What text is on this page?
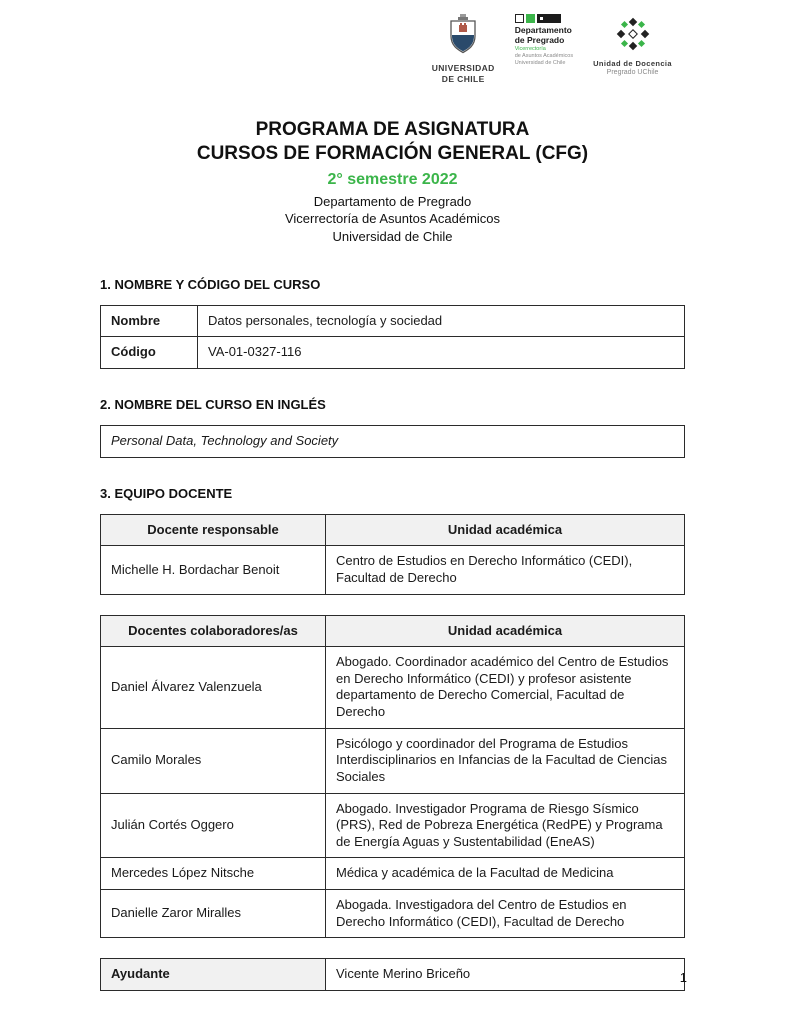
UNIVERSIDAD
DE CHILE
Departamento
de Pregrado
Vicerrectoría
de Asuntos Académicos
Universidad de Chile	Unidad de Docencia
Pregrado UChile
PROGRAMA DE ASIGNATURA
CURSOS DE FORMACIÓN GENERAL (CFG)
2° semestre 2022
Departamento de Pregrado
Vicerrectoría de Asuntos Académicos
Universidad de Chile
1. NOMBRE Y CÓDIGO DEL CURSO
Nombre	Datos personales, tecnología y sociedad
Código	VA-01-0327-116
2. NOMBRE DEL CURSO EN INGLÉS
Personal Data, Technology and Society
3. EQUIPO DOCENTE
Docente responsable	Unidad académica
Michelle H. Bordachar Benoit	Centro de Estudios en Derecho Informático (CEDI), Facultad de Derecho
Docentes colaboradores/as	Unidad académica
Daniel Álvarez Valenzuela	Abogado. Coordinador académico del Centro de Estudios en Derecho Informático (CEDI) y profesor asistente departamento de Derecho Comercial, Facultad de Derecho
Camilo Morales	Psicólogo y coordinador del Programa de Estudios Interdisciplinarios en Infancias de la Facultad de Ciencias Sociales
Julián Cortés Oggero	Abogado. Investigador Programa de Riesgo Sísmico (PRS), Red de Pobreza Energética (RedPE) y Programa de Energía Aguas y Sustentabilidad (EneAS)
Mercedes López Nitsche	Médica y académica de la Facultad de Medicina
Danielle Zaror Miralles	Abogada. Investigadora del Centro de Estudios en Derecho Informático (CEDI), Facultad de Derecho
Ayudante	Vicente Merino Briceño	1
